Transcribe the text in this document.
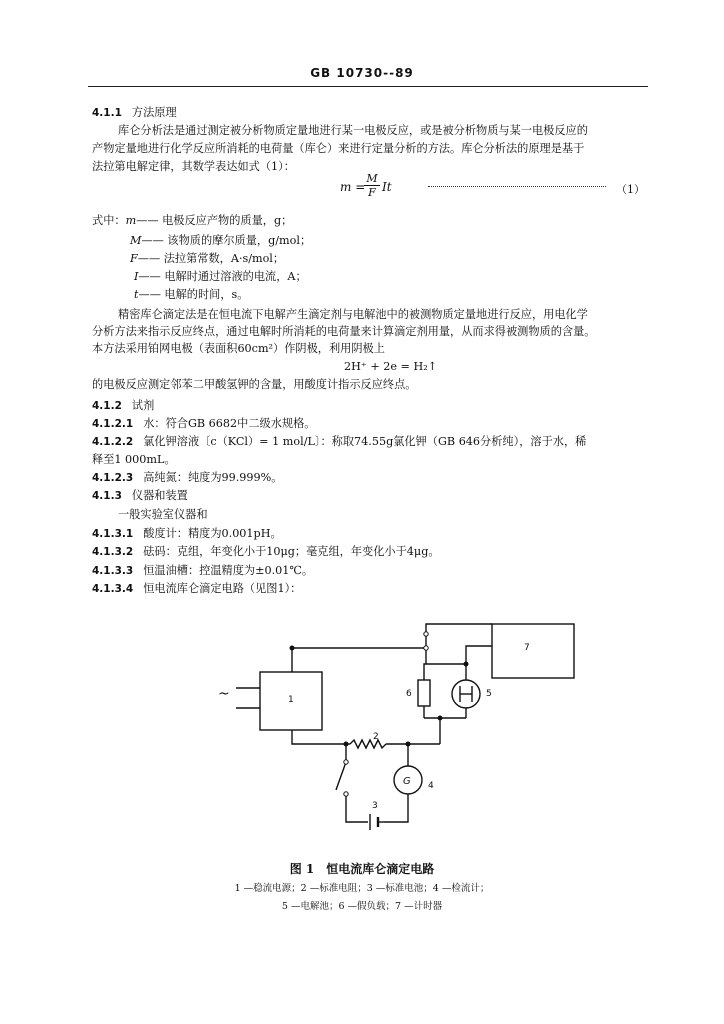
GB 10730--89
4.1.1 方法原理
库仑分析法是通过测定被分析物质定量地进行某一电极反应，或是被分析物质与某一电极反应的
产物定量地进行化学反应所消耗的电荷量（库仑）来进行定量分析的方法。库仑分析法的原理是基于
法拉第电解定律，其数学表达如式（1）：
m =
$\frac{M}{F}$ It	（1）
式中：m—— 电极反应产物的质量，g；
M—— 该物质的摩尔质量，g/mol；
F—— 法拉第常数，A·s/mol；
I—— 电解时通过溶液的电流，A；
t—— 电解的时间，s。
精密库仑滴定法是在恒电流下电解产生滴定剂与电解池中的被测物质定量地进行反应，用电化学
分析方法来指示反应终点，通过电解时所消耗的电荷量来计算滴定剂用量，从而求得被测物质的含量。
本方法采用铂网电极（表面积60cm²）作阴极，利用阴极上
2H⁺ + 2e = H₂↑
的电极反应测定邻苯二甲酸氢钾的含量，用酸度计指示反应终点。
4.1.2 试剂
4.1.2.1 水：符合GB 6682中二级水规格。
4.1.2.2 氯化钾溶液〔c（KCl）= 1 mol/L〕：称取74.55g氯化钾（GB 646分析纯），溶于水，稀
释至1 000mL。
4.1.2.3 高纯氮：纯度为99.999%。
4.1.3 仪器和装置
一般实验室仪器和
4.1.3.1 酸度计：精度为0.001pH。
4.1.3.2 砝码：克组，年变化小于10μg；毫克组，年变化小于4μg。
4.1.3.3 恒温油槽：控温精度为±0.01℃。
4.1.3.4 恒电流库仑滴定电路（见图1）：
~	1
2
3
4
5
6
7
G
图 1　恒电流库仑滴定电路
1 —稳流电源；2 —标准电阻；3 —标准电池；4 —检流计；
5 —电解池；6 —假负载；7 —计时器
